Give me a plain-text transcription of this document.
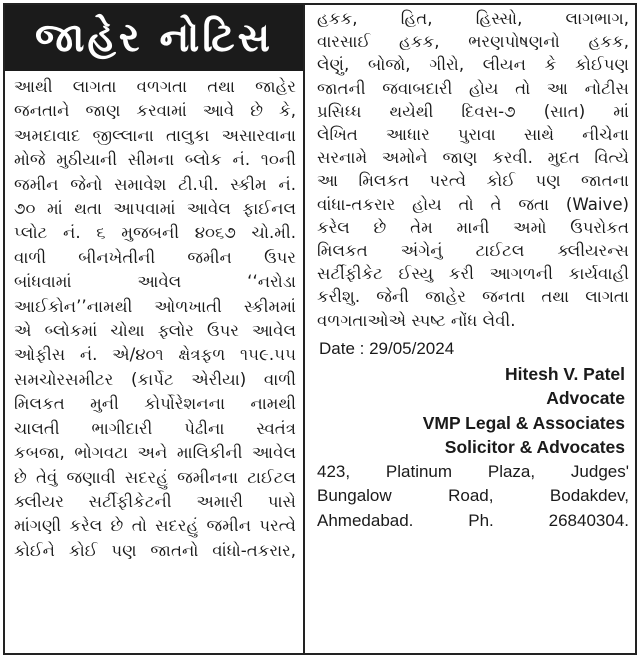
જાહેર નોટિસ
આથી લાગતા વળગતા તથા જાહેર
જનતાને જાણ કરવામાં આવે છે કે,
અમદાવાદ જીલ્લાના તાલુકા અસારવાના
મોજે મુઠીયાની સીમના બ્લોક નં. ૧૦ની
જમીન જેનો સમાવેશ ટી.પી. સ્કીમ નં.
૭૦ માં થતા આપવામાં આવેલ ફાઈનલ
પ્લોટ નં. ૬ મુજબની ૪૦૬૭ ચો.મી.
વાળી બીનખેતીની જમીન ઉપર
બાંધવામાં આવેલ ‘‘નરોડા
આઈકોન’’નામથી ઓળખાતી સ્કીમમાં
એ બ્લોકમાં ચોથા ફ્લોર ઉપર આવેલ
ઓફીસ નં. એ/૪૦૧ ક્ષેત્રફળ ૧૫૯.૫૫
સમચોરસમીટર (કાર્પેટ એરીયા) વાળી
મિલકત મુની કોર્પોરેશનના નામથી
ચાલતી ભાગીદારી પેઢીના સ્વતંત્ર
કબજા, ભોગવટા અને માલિકીની આવેલ
છે તેવું જણાવી સદરહું જમીનના ટાઈટલ
ક્લીયર સર્ટીફીકેટની અમારી પાસે
માંગણી કરેલ છે તો સદરહું જમીન પરત્વે
કોઈને કોઈ પણ જાતનો વાંધો-તકરાર,
હકક, હિત, હિસ્સો, લાગભાગ,
વારસાઈ હકક, ભરણપોષણનો હકક,
લેણું, બોજો, ગીરો, લીયન કે કોઈપણ
જાતની જવાબદારી હોય તો આ નોટીસ
પ્રસિધ્ધ થયેથી દિવસ-૭ (સાત) માં
લેખિત આધાર પુરાવા સાથે નીચેના
સરનામે અમોને જાણ કરવી. મુદત વિત્યે
આ મિલકત પરત્વે કોઈ પણ જાતના
વાંધા-તકરાર હોય તો તે જતા (Waive)
કરેલ છે તેમ માની અમો ઉપરોકત
મિલકત અંગેનું ટાઈટલ ક્લીયરન્સ
સર્ટીફીકેટ ઈસ્યુ કરી આગળની કાર્યવાહી
કરીશુ. જેની જાહેર જનતા તથા લાગતા
વળગતાઓએ સ્પષ્ટ નોંધ લેવી.
Date : 29/05/2024
Hitesh V. Patel
Advocate
VMP Legal & Associates
Solicitor & Advocates
423, Platinum Plaza, Judges'
Bungalow Road, Bodakdev,
Ahmedabad. Ph. 26840304.
